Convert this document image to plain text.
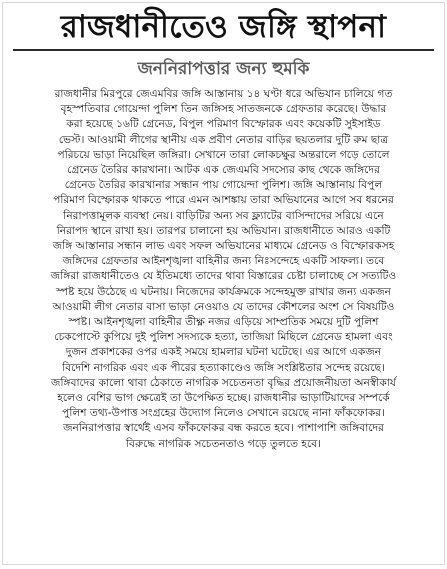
রাজধানীতেও জঙ্গি স্থাপনা
জননিরাপত্তার জন্য হুমকি
রাজধানীর মিরপুরে জেএমবির জঙ্গি আস্তানায় ১৪ ঘণ্টা ধরে অভিযান চালিয়ে গত
বৃহস্পতিবার গোয়েন্দা পুলিশ তিন জঙ্গিসহ সাতজনকে গ্রেফতার করেছে। উদ্ধার
করা হয়েছে ১৬টি গ্রেনেড, বিপুল পরিমাণ বিস্ফোরক এবং কয়েকটি সুইসাইড
ভেস্ট। আওয়ামী লীগের স্থানীয় এক প্রবীণ নেতার বাড়ির ছয়তলার দুটি রুম ছাত্র
পরিচয়ে ভাড়া নিয়েছিল জঙ্গিরা। সেখানে তারা লোকচক্ষুর অন্তরালে গড়ে তোলে
গ্রেনেড তৈরির কারখানা। আটক এক জেএমবি সদস্যের কাছ থেকে জঙ্গিদের
গ্রেনেড তৈরির কারখানার সন্ধান পায় গোয়েন্দা পুলিশ। জঙ্গি আস্তানায় বিপুল
পরিমাণ বিস্ফোরক থাকতে পারে এমন আশঙ্কায় তারা অভিযানের আগে সব ধরনের
নিরাপত্তামূলক ব্যবস্থা নেয়। বাড়িটির অন্য সব ফ্ল্যাটের বাসিন্দাদের সরিয়ে এনে
নিরাপদ স্থানে রাখা হয়। তারপর চালানো হয় অভিযান। রাজধানীতে আরও একটি
জঙ্গি আস্তানার সন্ধান লাভ এবং সফল অভিযানের মাধ্যমে গ্রেনেড ও বিস্ফোরকসহ
জঙ্গিদের গ্রেফতার আইনশৃঙ্খলা বাহিনীর জন্য নিঃসন্দেহে একটি সাফল্য। তবে
জঙ্গিরা রাজধানীতেও যে ইতিমধ্যে তাদের থাবা বিস্তারের চেষ্টা চালাচ্ছে সে সত্যটিও
স্পষ্ট হয়ে উঠেছে এ ঘটনায়। নিজেদের কার্যক্রমকে সন্দেহমুক্ত রাখার জন্য একজন
আওয়ামী লীগ নেতার বাসা ভাড়া নেওয়াও যে তাদের কৌশলের অংশ সে বিষয়টিও
স্পষ্ট। আইনশৃঙ্খলা বাহিনীর তীক্ষ্ণ নজর এড়িয়ে সাম্প্রতিক সময়ে দুটি পুলিশ
চেকপোস্টে কুপিয়ে দুই পুলিশ সদস্যকে হত্যা, তাজিয়া মিছিলে গ্রেনেড হামলা এবং
দুজন প্রকাশকের ওপর একই সময়ে হামলার ঘটনা ঘটেছে। এর আগে একজন
বিদেশি নাগরিক এবং এক পীরের হত্যাকাণ্ডেও জঙ্গি সংশ্লিষ্টতার সন্দেহ রয়েছে।
জঙ্গিবাদের কালো থাবা ঠেকাতে নাগরিক সচেতনতা বৃদ্ধির প্রয়োজনীয়তা অনস্বীকার্য
হলেও বেশির ভাগ ক্ষেত্রেই তা উপেক্ষিত হচ্ছে। রাজধানীর ভাড়াটিয়াদের সম্পর্কে
পুলিশ তথ্য-উপাত্ত সংগ্রহের উদ্যোগ নিলেও সেখানে রয়েছে নানা ফাঁকফোকর।
জননিরাপত্তার স্বার্থেই এসব ফাঁকফোকর বন্ধ করতে হবে। পাশাপাশি জঙ্গিবাদের
বিরুদ্ধে নাগরিক সচেতনতাও গড়ে তুলতে হবে।
